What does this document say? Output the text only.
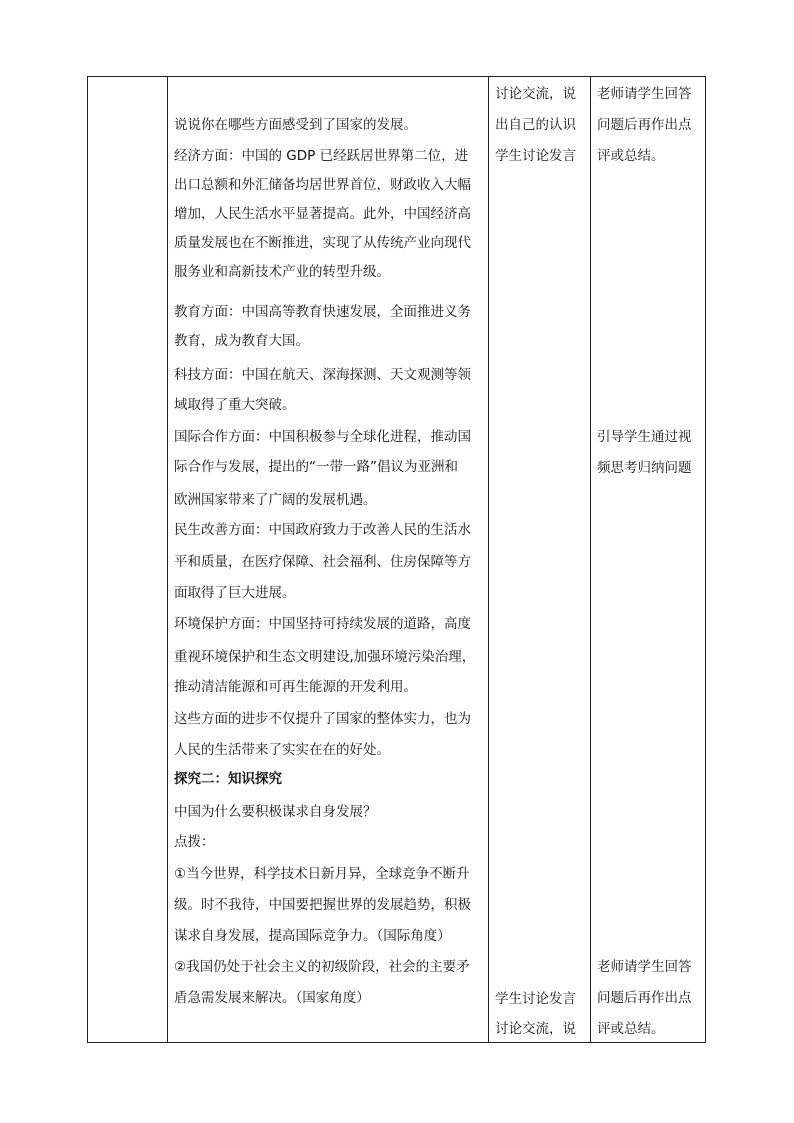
说说你在哪些方面感受到了国家的发展。
经济方面：中国的 GDP 已经跃居世界第二位，进
出口总额和外汇储备均居世界首位，财政收入大幅
增加，人民生活水平显著提高。此外，中国经济高
质量发展也在不断推进，实现了从传统产业向现代
服务业和高新技术产业的转型升级。
教育方面：中国高等教育快速发展，全面推进义务
教育，成为教育大国。
科技方面：中国在航天、深海探测、天文观测等领
域取得了重大突破。
国际合作方面：中国积极参与全球化进程，推动国
际合作与发展，提出的“一带一路”倡议为亚洲和
欧洲国家带来了广阔的发展机遇。
民生改善方面：中国政府致力于改善人民的生活水
平和质量，在医疗保障、社会福利、住房保障等方
面取得了巨大进展。
环境保护方面：中国坚持可持续发展的道路，高度
重视环境保护和生态文明建设,加强环境污染治理，
推动清洁能源和可再生能源的开发利用。
这些方面的进步不仅提升了国家的整体实力，也为
人民的生活带来了实实在在的好处。
探究二：知识探究
中国为什么要积极谋求自身发展？
点拨：
①当今世界，科学技术日新月异，全球竞争不断升
级。时不我待，中国要把握世界的发展趋势，积极
谋求自身发展，提高国际竞争力。（国际角度）
②我国仍处于社会主义的初级阶段，社会的主要矛
盾急需发展来解决。（国家角度）
讨论交流，说
出自己的认识
学生讨论发言
学生讨论发言
讨论交流，说
老师请学生回答
问题后再作出点
评或总结。
引导学生通过视
频思考归纳问题
老师请学生回答
问题后再作出点
评或总结。
